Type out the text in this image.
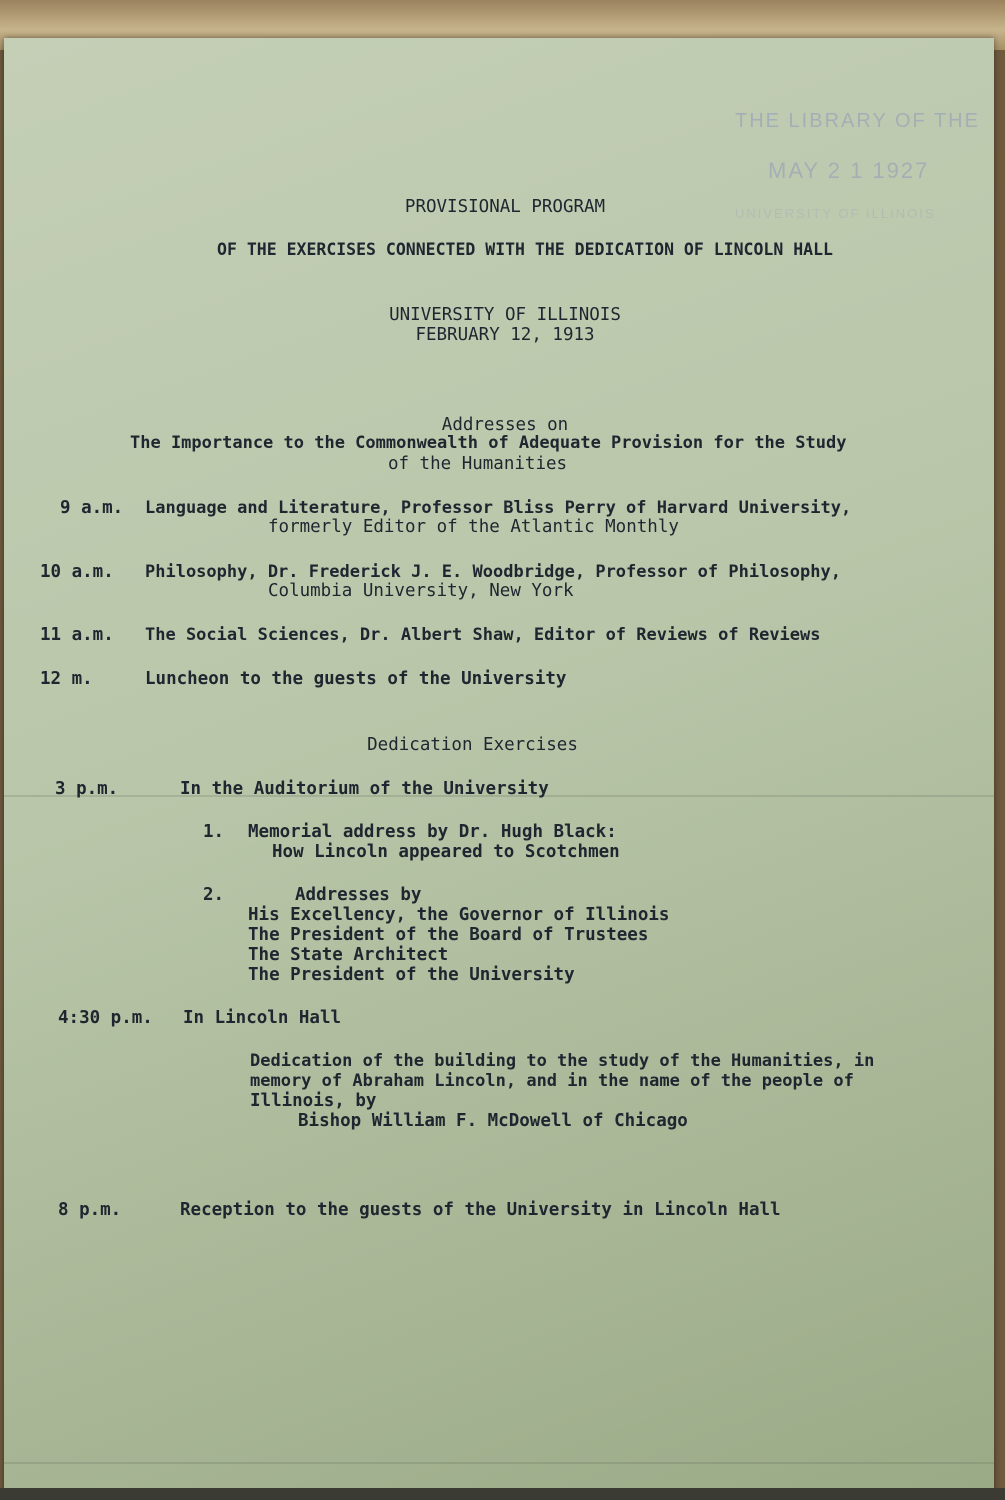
THE LIBRARY OF THE
MAY 2 1 1927
UNIVERSITY OF ILLINOIS
PROVISIONAL PROGRAM
OF THE EXERCISES CONNECTED WITH THE DEDICATION OF LINCOLN HALL
UNIVERSITY OF ILLINOIS
FEBRUARY 12, 1913
Addresses on
The Importance to the Commonwealth of Adequate Provision for the Study
of the Humanities
9 a.m. Language and Literature, Professor Bliss Perry of Harvard University,
formerly Editor of the Atlantic Monthly
10 a.m. Philosophy, Dr. Frederick J. E. Woodbridge, Professor of Philosophy,
Columbia University, New York
11 a.m. The Social Sciences, Dr. Albert Shaw, Editor of Reviews of Reviews
12 m.	Luncheon to the guests of the University
Dedication Exercises
3 p.m.	In the Auditorium of the University
1. Memorial address by Dr. Hugh Black:
How Lincoln appeared to Scotchmen
2.	Addresses by
His Excellency, the Governor of Illinois
The President of the Board of Trustees
The State Architect
The President of the University
4:30 p.m. In Lincoln Hall
Dedication of the building to the study of the Humanities, in
memory of Abraham Lincoln, and in the name of the people of
Illinois, by
Bishop William F. McDowell of Chicago
8 p.m.	Reception to the guests of the University in Lincoln Hall
